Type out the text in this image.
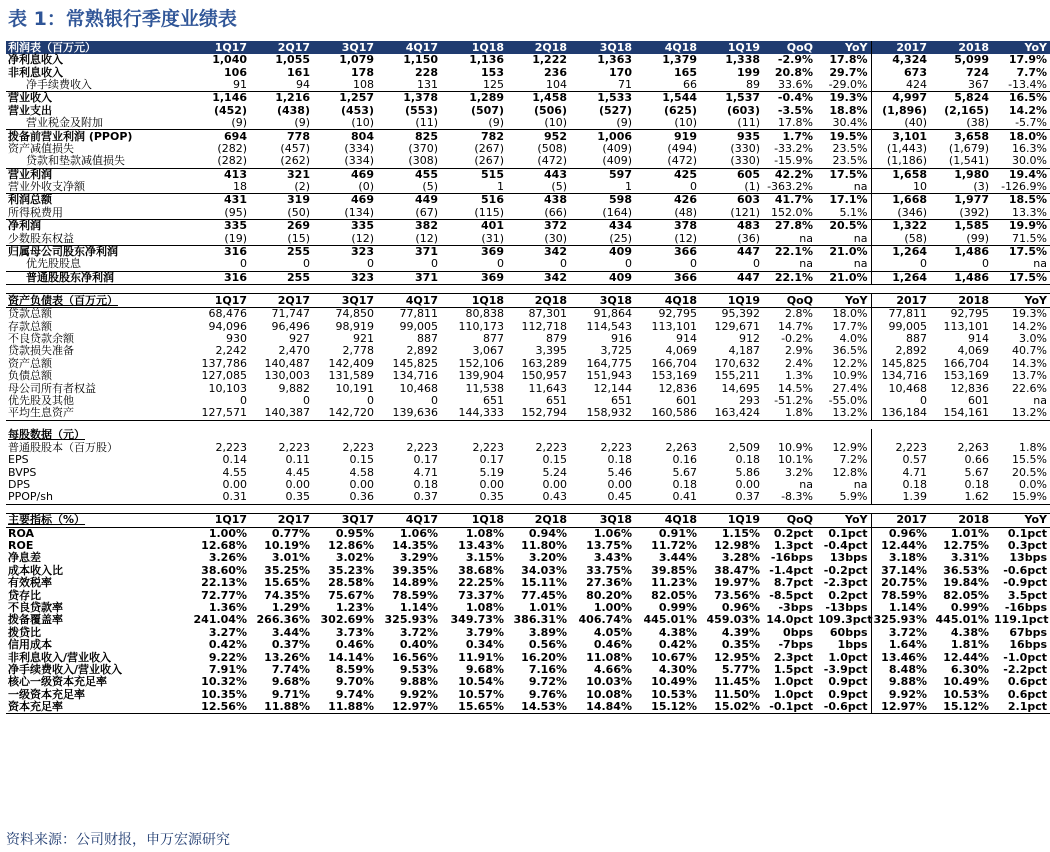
表 1：常熟银行季度业绩表
利润表（百万元）	1Q17	2Q17	3Q17	4Q17	1Q18	2Q18	3Q18	4Q18	1Q19	QoQ	YoY	2017	2018	YoY
净利息收入	1,040	1,055	1,079	1,150	1,136	1,222	1,363	1,379	1,338	-2.9%	17.8%	4,324	5,099	17.9%
非利息收入	106	161	178	228	153	236	170	165	199	20.8%	29.7%	673	724	7.7%
净手续费收入	91	94	108	131	125	104	71	66	89	33.6%	-29.0%	424	367	-13.4%
营业收入	1,146	1,216	1,257	1,378	1,289	1,458	1,533	1,544	1,537	-0.4%	19.3%	4,997	5,824	16.5%
营业支出	(452)	(438)	(453)	(553)	(507)	(506)	(527)	(625)	(603)	-3.5%	18.8%	(1,896)	(2,165)	14.2%
营业税金及附加	(9)	(9)	(10)	(11)	(9)	(10)	(9)	(10)	(11)	17.8%	30.4%	(40)	(38)	-5.7%
拨备前营业利润 (PPOP)	694	778	804	825	782	952	1,006	919	935	1.7%	19.5%	3,101	3,658	18.0%
资产减值损失	(282)	(457)	(334)	(370)	(267)	(508)	(409)	(494)	(330)	-33.2%	23.5%	(1,443)	(1,679)	16.3%
贷款和垫款减值损失	(282)	(262)	(334)	(308)	(267)	(472)	(409)	(472)	(330)	-15.9%	23.5%	(1,186)	(1,541)	30.0%
营业利润	413	321	469	455	515	443	597	425	605	42.2%	17.5%	1,658	1,980	19.4%
营业外收支净额	18	(2)	(0)	(5)	1	(5)	1	0	(1)	-363.2%	na	10	(3)	-126.9%
利润总额	431	319	469	449	516	438	598	426	603	41.7%	17.1%	1,668	1,977	18.5%
所得税费用	(95)	(50)	(134)	(67)	(115)	(66)	(164)	(48)	(121)	152.0%	5.1%	(346)	(392)	13.3%
净利润	335	269	335	382	401	372	434	378	483	27.8%	20.5%	1,322	1,585	19.9%
少数股东权益	(19)	(15)	(12)	(12)	(31)	(30)	(25)	(12)	(36)	na	na	(58)	(99)	71.5%
归属母公司股东净利润	316	255	323	371	369	342	409	366	447	22.1%	21.0%	1,264	1,486	17.5%
优先股股息	0	0	0	0	0	0	0	0	0	na	na	0	0	na
普通股股东净利润	316	255	323	371	369	342	409	366	447	22.1%	21.0%	1,264	1,486	17.5%

资产负债表（百万元）	1Q17	2Q17	3Q17	4Q17	1Q18	2Q18	3Q18	4Q18	1Q19	QoQ	YoY	2017	2018	YoY
贷款总额	68,476	71,747	74,850	77,811	80,838	87,301	91,864	92,795	95,392	2.8%	18.0%	77,811	92,795	19.3%
存款总额	94,096	96,496	98,919	99,005	110,173	112,718	114,543	113,101	129,671	14.7%	17.7%	99,005	113,101	14.2%
不良贷款余额	930	927	921	887	877	879	916	914	912	-0.2%	4.0%	887	914	3.0%
贷款损失准备	2,242	2,470	2,778	2,892	3,067	3,395	3,725	4,069	4,187	2.9%	36.5%	2,892	4,069	40.7%
资产总额	137,786	140,487	142,409	145,825	152,106	163,289	164,775	166,704	170,632	2.4%	12.2%	145,825	166,704	14.3%
负债总额	127,085	130,003	131,589	134,716	139,904	150,957	151,943	153,169	155,211	1.3%	10.9%	134,716	153,169	13.7%
母公司所有者权益	10,103	9,882	10,191	10,468	11,538	11,643	12,144	12,836	14,695	14.5%	27.4%	10,468	12,836	22.6%
优先股及其他	0	0	0	0	651	651	651	601	293	-51.2%	-55.0%	0	601	na
平均生息资产	127,571	140,387	142,720	139,636	144,333	152,794	158,932	160,586	163,424	1.8%	13.2%	136,184	154,161	13.2%

每股数据（元）														
普通股股本（百万股）	2,223	2,223	2,223	2,223	2,223	2,223	2,223	2,263	2,509	10.9%	12.9%	2,223	2,263	1.8%
EPS	0.14	0.11	0.15	0.17	0.17	0.15	0.18	0.16	0.18	10.1%	7.2%	0.57	0.66	15.5%
BVPS	4.55	4.45	4.58	4.71	5.19	5.24	5.46	5.67	5.86	3.2%	12.8%	4.71	5.67	20.5%
DPS	0.00	0.00	0.00	0.18	0.00	0.00	0.00	0.18	0.00	na	na	0.18	0.18	0.0%
PPOP/sh	0.31	0.35	0.36	0.37	0.35	0.43	0.45	0.41	0.37	-8.3%	5.9%	1.39	1.62	15.9%

主要指标（%）	1Q17	2Q17	3Q17	4Q17	1Q18	2Q18	3Q18	4Q18	1Q19	QoQ	YoY	2017	2018	YoY
ROA	1.00%	0.77%	0.95%	1.06%	1.08%	0.94%	1.06%	0.91%	1.15%	0.2pct	0.1pct	0.96%	1.01%	0.1pct
ROE	12.68%	10.19%	12.86%	14.35%	13.43%	11.80%	13.75%	11.72%	12.98%	1.3pct	-0.4pct	12.44%	12.75%	0.3pct
净息差	3.26%	3.01%	3.02%	3.29%	3.15%	3.20%	3.43%	3.44%	3.28%	-16bps	13bps	3.18%	3.31%	13bps
成本收入比	38.60%	35.25%	35.23%	39.35%	38.68%	34.03%	33.75%	39.85%	38.47%	-1.4pct	-0.2pct	37.14%	36.53%	-0.6pct
有效税率	22.13%	15.65%	28.58%	14.89%	22.25%	15.11%	27.36%	11.23%	19.97%	8.7pct	-2.3pct	20.75%	19.84%	-0.9pct
贷存比	72.77%	74.35%	75.67%	78.59%	73.37%	77.45%	80.20%	82.05%	73.56%	-8.5pct	0.2pct	78.59%	82.05%	3.5pct
不良贷款率	1.36%	1.29%	1.23%	1.14%	1.08%	1.01%	1.00%	0.99%	0.96%	-3bps	-13bps	1.14%	0.99%	-16bps
拨备覆盖率	241.04%	266.36%	302.69%	325.93%	349.73%	386.31%	406.74%	445.01%	459.03%	14.0pct	109.3pct	325.93%	445.01%	119.1pct
拨贷比	3.27%	3.44%	3.73%	3.72%	3.79%	3.89%	4.05%	4.38%	4.39%	0bps	60bps	3.72%	4.38%	67bps
信用成本	0.42%	0.37%	0.46%	0.40%	0.34%	0.56%	0.46%	0.42%	0.35%	-7bps	1bps	1.64%	1.81%	16bps
非利息收入/营业收入	9.22%	13.26%	14.14%	16.56%	11.91%	16.20%	11.08%	10.67%	12.95%	2.3pct	1.0pct	13.46%	12.44%	-1.0pct
净手续费收入/营业收入	7.91%	7.74%	8.59%	9.53%	9.68%	7.16%	4.66%	4.30%	5.77%	1.5pct	-3.9pct	8.48%	6.30%	-2.2pct
核心一级资本充足率	10.32%	9.68%	9.70%	9.88%	10.54%	9.72%	10.03%	10.49%	11.45%	1.0pct	0.9pct	9.88%	10.49%	0.6pct
一级资本充足率	10.35%	9.71%	9.74%	9.92%	10.57%	9.76%	10.08%	10.53%	11.50%	1.0pct	0.9pct	9.92%	10.53%	0.6pct
资本充足率	12.56%	11.88%	11.88%	12.97%	15.65%	14.53%	14.84%	15.12%	15.02%	-0.1pct	-0.6pct	12.97%	15.12%	2.1pct
资料来源：公司财报，申万宏源研究
